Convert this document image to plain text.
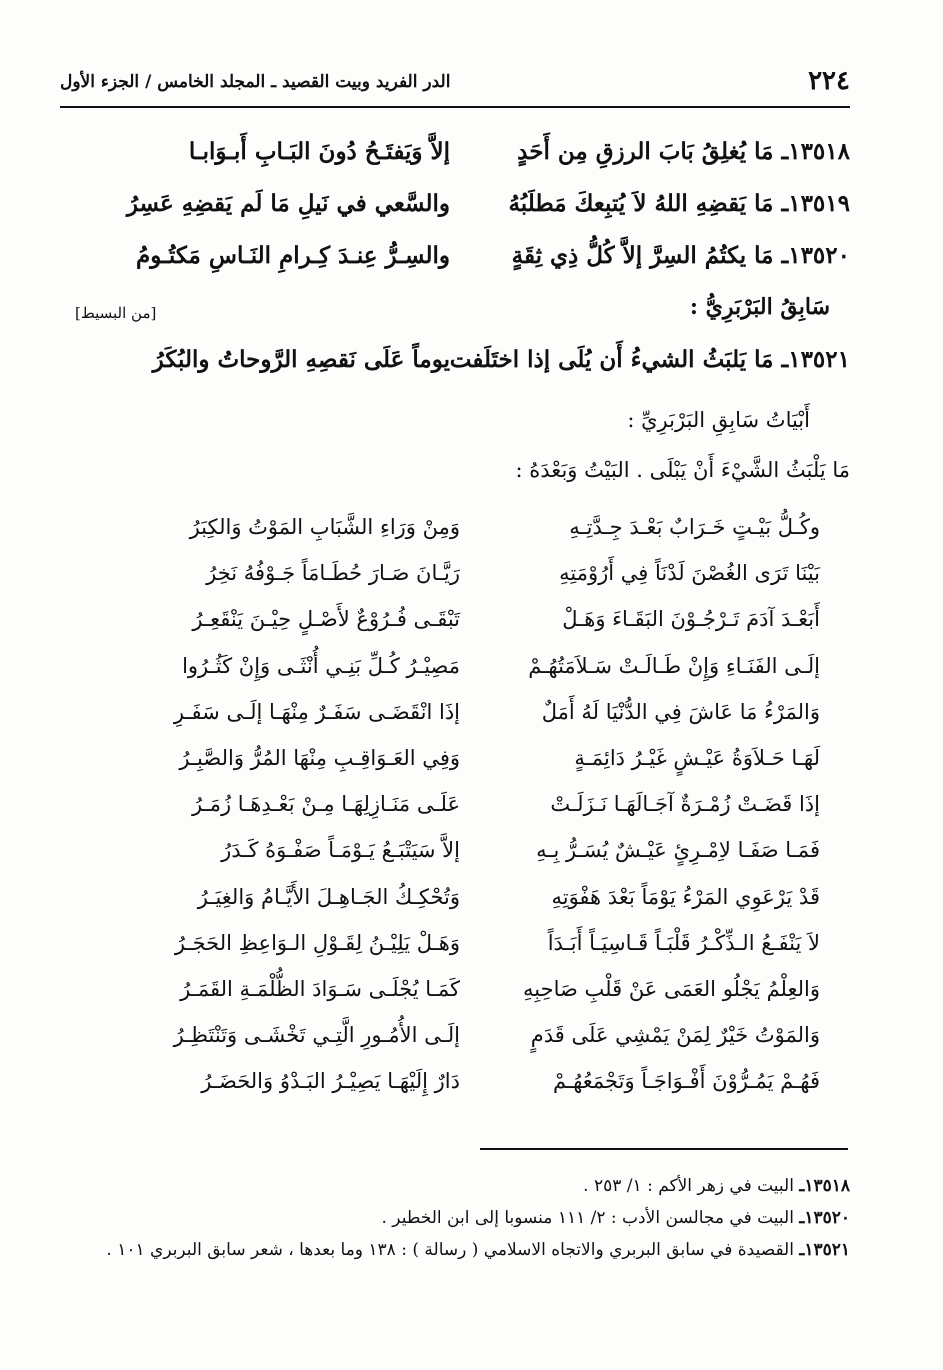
٢٢٤
الدر الفريد وبيت القصيد ـ المجلد الخامس / الجزء الأول
١٣٥١٨ـ مَا يُغلِقُ بَابَ الرزقِ مِن أَحَدٍ
إلاَّ وَيَفتَـحُ دُونَ البَـابِ أَبـوَابـا
١٣٥١٩ـ مَا يَقضِهِ اللهُ لاَ يُتبِعكَ مَطلَبُهُ
والسَّعي في نَيلِ مَا لَم يَقضِهِ عَسِرُ
١٣٥٢٠ـ مَا يكتُمُ السِرَّ إلاَّ كُلُّ ذِي ثِقَةٍ
والسِـرُّ عِنـدَ كِـرامِ النَـاسِ مَكتُـومُ
سَابِقُ البَرْبَرِيُّ :
[من البسيط]
١٣٥٢١ـ مَا يَلبَثُ الشيءُ أَن يُلَى إذا اختَلَفت
يوماً عَلَى نَقصِهِ الرَّوحاتُ والبُكَرُ
أَبْيَاتُ سَابِقِ البَرْبَرِيِّ :
مَا يَلْبَثُ الشَّيْءَ أَنْ يَبْلَى . البَيْتُ وَبَعْدَهُ :
وكُـلُّ بَيْـتٍ خَـرَابٌ بَعْـدَ جِـدَّتِـهِ
وَمِنْ وَرَاءِ الشَّبَابِ المَوْتُ وَالكِبَرُ
بَيْنَا تَرَى الغُصْنَ لَدْنَاً فِي أَرُوْمَتِهِ
رَيَّـانَ صَـارَ حُطَـامَاً جَـوْفُهُ نَخِرُ
أَبَعْـدَ آدَمَ تَـرْجُـوْنَ البَقَـاءَ وَهَـلْ
تَبْقَـى فُـرُوْعٌ لأَصْـلٍ حِيْـنَ يَنْقَعِـرُ
إلَـى الفَنَـاءِ وَإِنْ طَـالَـتْ سَـلاَمَتُهُـمْ
مَصِيْـرُ كُـلِّ بَنِـي أُنْثَـى وَإِنْ كَثُـرُوا
وَالمَرْءُ مَا عَاشَ فِي الدُّنْيَا لَهُ أَمَلٌ
إذَا انْقَضَـى سَفَـرٌ مِنْهَـا إلَـى سَفَـرِ
لَهَـا حَـلاَوَةُ عَيْـشٍ غَيْـرُ دَائِمَـةٍ
وَفِي العَـوَاقِـبِ مِنْهَا المُرُّ وَالصَّبِـرُ
إذَا قَضَـتْ زُمْـرَةٌ آجَـالَهَـا نَـزَلَـتْ
عَلَـى مَنَـازِلِهَـا مِـنْ بَعْـدِهَـا زُمَـرُ
فَمَـا صَفَـا لاِمْـرِئٍ عَيْـشٌ يُسَـرُّ بِـهِ
إلاَّ سَيَتْبَـعُ يَـوْمَـاً صَفْـوَهُ كَـدَرُ
قَدْ يَرْعَوِي المَرْءُ يَوْمَاً بَعْدَ هَفْوَتِهِ
وَتُحْكِـكُ الجَـاهِـلَ الأَيَّـامُ وَالغِيَـرُ
لاَ يَنْفَـعُ الـذِّكْـرُ قَلْبَـاً قَـاسِيَـاً أَبَـدَاً
وَهَـلْ يَلِيْـنُ لِقَـوْلِ الـوَاعِظِ الحَجَـرُ
وَالعِلْمُ يَجْلُو العَمَى عَنْ قَلْبِ صَاحِبِهِ
كَمَـا يُجْلَـى سَـوَادَ الظُّلْمَـةِ القَمَـرُ
وَالمَوْتُ خَيْرٌ لِمَنْ يَمْشِي عَلَى قَدَمٍ
إلَـى الأُمُـورِ الَّتِـي تَخْشَـى وَتَنْتَظِـرُ
فَهُـمْ يَمُـرُّوْنَ أَفْـوَاجَـاً وَتَجْمَعُهُـمْ
دَارٌ إِلَيْهَـا يَصِيْـرُ البَـدْوُ وَالحَضَـرُ
١٣٥١٨ـ البيت في زهر الأكم : ١/ ٢٥٣ .
١٣٥٢٠ـ البيت في مجالسن الأدب : ٢/ ١١١ منسوبا إلى ابن الخطير .
١٣٥٢١ـ القصيدة في سابق البربري والاتجاه الاسلامي ( رسالة ) : ١٣٨ وما بعدها ، شعر سابق البربري ١٠١ .
